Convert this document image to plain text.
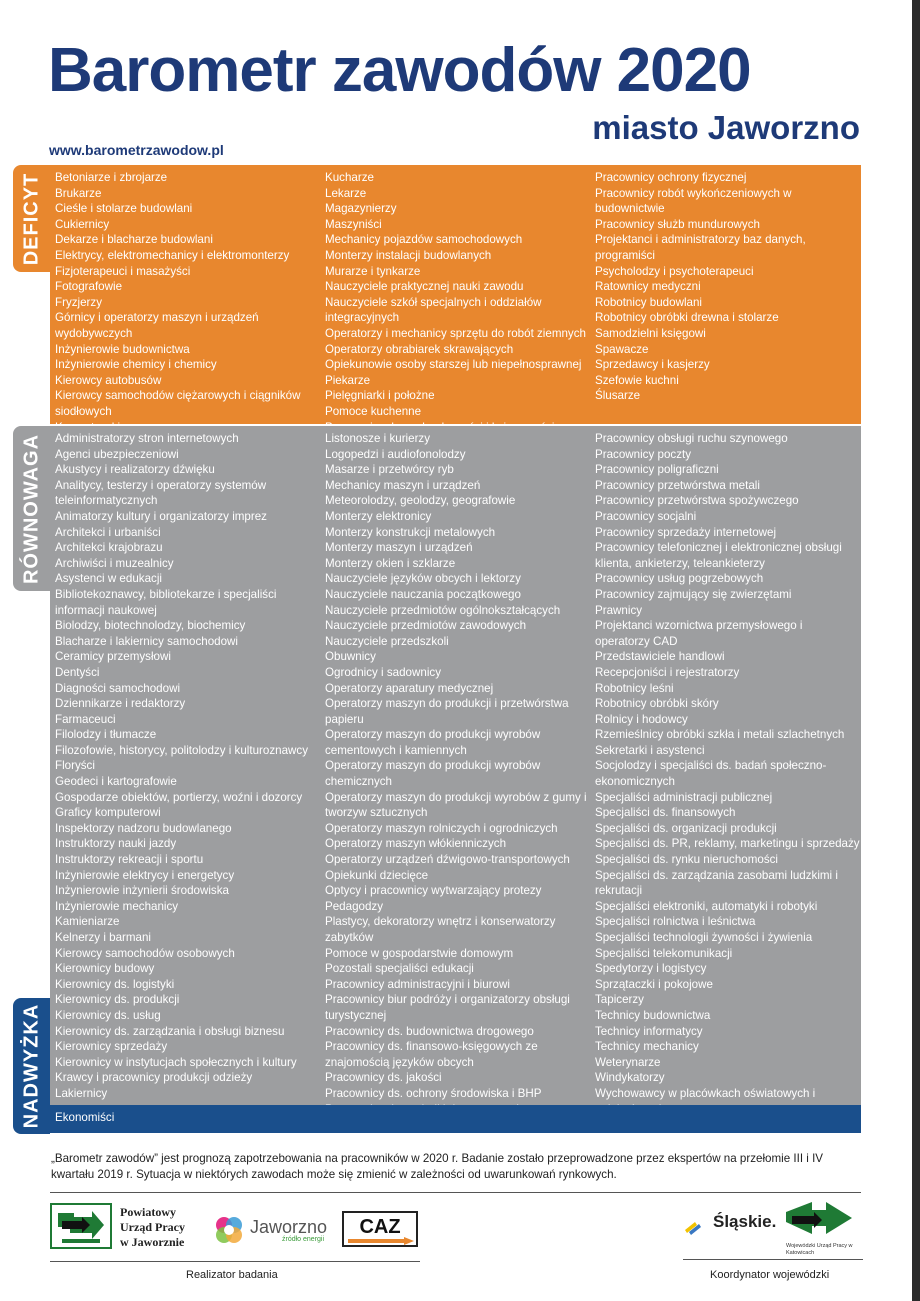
Barometr zawodów 2020
miasto Jaworzno
www.barometrzawodow.pl
DEFICYT
RÓWNOWAGA
NADWYŻKA
Betoniarze i zbrojarze
Brukarze
Cieśle i stolarze budowlani
Cukiernicy
Dekarze i blacharze budowlani
Elektrycy, elektromechanicy i elektromonterzy
Fizjoterapeuci i masażyści
Fotografowie
Fryzjerzy
Górnicy i operatorzy maszyn i urządzeń wydobywczych
Inżynierowie budownictwa
Inżynierowie chemicy i chemicy
Kierowcy autobusów
Kierowcy samochodów ciężarowych i ciągników siodłowych
Kucharze
Lekarze
Magazynierzy
Maszyniści
Mechanicy pojazdów samochodowych
Monterzy instalacji budowlanych
Murarze i tynkarze
Nauczyciele praktycznej nauki zawodu
Nauczyciele szkół specjalnych i oddziałów integracyjnych
Operatorzy i mechanicy sprzętu do robót ziemnych
Operatorzy obrabiarek skrawających
Opiekunowie osoby starszej lub niepełnosprawnej
Piekarze
Pielęgniarki i położne
Pomoce kuchenne
Pracownicy ochrony fizycznej
Pracownicy robót wykończeniowych w budownictwie
Pracownicy służb mundurowych
Projektanci i administratorzy baz danych, programiści
Psycholodzy i psychoterapeuci
Ratownicy medyczni
Robotnicy budowlani
Robotnicy obróbki drewna i stolarze
Samodzielni księgowi
Spawacze
Sprzedawcy i kasjerzy
Szefowie kuchni
Ślusarze
Administratorzy stron internetowych
Agenci ubezpieczeniowi
Akustycy i realizatorzy dźwięku
Analitycy, testerzy i operatorzy systemów teleinformatycznych
Animatorzy kultury i organizatorzy imprez
Architekci i urbaniści
Architekci krajobrazu
Archiwiści i muzealnicy
Asystenci w edukacji
Bibliotekoznawcy, bibliotekarze i specjaliści informacji naukowej
Biolodzy, biotechnolodzy, biochemicy
Blacharze i lakiernicy samochodowi
Ceramicy przemysłowi
Dentyści
Diagności samochodowi
Dziennikarze i redaktorzy
Farmaceuci
Filolodzy i tłumacze
Filozofowie, historycy, politolodzy i kulturoznawcy
Floryści
Geodeci i kartografowie
Gospodarze obiektów, portierzy, woźni i dozorcy
Graficy komputerowi
Inspektorzy nadzoru budowlanego
Instruktorzy nauki jazdy
Instruktorzy rekreacji i sportu
Inżynierowie elektrycy i energetycy
Inżynierowie inżynierii środowiska
Inżynierowie mechanicy
Kamieniarze
Kelnerzy i barmani
Kierowcy samochodów osobowych
Kierownicy budowy
Kierownicy ds. logistyki
Kierownicy ds. produkcji
Kierownicy ds. usług
Kierownicy ds. zarządzania i obsługi biznesu
Kierownicy sprzedaży
Kierownicy w instytucjach społecznych i kultury
Krawcy i pracownicy produkcji odzieży
Lakiernicy
Listonosze i kurierzy
Logopedzi i audiofonolodzy
Masarze i przetwórcy ryb
Mechanicy maszyn i urządzeń
Meteorolodzy, geolodzy, geografowie
Monterzy elektronicy
Monterzy konstrukcji metalowych
Monterzy maszyn i urządzeń
Monterzy okien i szklarze
Nauczyciele języków obcych i lektorzy
Nauczyciele nauczania początkowego
Nauczyciele przedmiotów ogólnokształcących
Nauczyciele przedmiotów zawodowych
Nauczyciele przedszkoli
Obuwnicy
Ogrodnicy i sadownicy
Operatorzy aparatury medycznej
Operatorzy maszyn do produkcji i przetwórstwa papieru
Operatorzy maszyn do produkcji wyrobów cementowych i kamiennych
Operatorzy maszyn do produkcji wyrobów chemicznych
Operatorzy maszyn do produkcji wyrobów z gumy i tworzyw sztucznych
Operatorzy maszyn rolniczych i ogrodniczych
Operatorzy maszyn włókienniczych
Operatorzy urządzeń dźwigowo-transportowych
Opiekunki dziecięce
Optycy i pracownicy wytwarzający protezy
Pedagodzy
Plastycy, dekoratorzy wnętrz i konserwatorzy zabytków
Pomoce w gospodarstwie domowym
Pozostali specjaliści edukacji
Pracownicy administracyjni i biurowi
Pracownicy biur podróży i organizatorzy obsługi turystycznej
Pracownicy ds. budownictwa drogowego
Pracownicy ds. finansowo-księgowych ze znajomością języków obcych
Pracownicy ds. jakości
Pracownicy ds. ochrony środowiska i BHP
Pracownicy myjni, pralni i prasowalni
Pracownicy obsługi ruchu szynowego
Pracownicy poczty
Pracownicy poligraficzni
Pracownicy przetwórstwa metali
Pracownicy przetwórstwa spożywczego
Pracownicy socjalni
Pracownicy sprzedaży internetowej
Pracownicy telefonicznej i elektronicznej obsługi klienta, ankieterzy, teleankieterzy
Pracownicy usług pogrzebowych
Pracownicy zajmujący się zwierzętami
Prawnicy
Projektanci wzornictwa przemysłowego i operatorzy CAD
Przedstawiciele handlowi
Recepcjoniści i rejestratorzy
Robotnicy leśni
Robotnicy obróbki skóry
Rolnicy i hodowcy
Rzemieślnicy obróbki szkła i metali szlachetnych
Sekretarki i asystenci
Socjolodzy i specjaliści ds. badań społeczno-ekonomicznych
Specjaliści administracji publicznej
Specjaliści ds. finansowych
Specjaliści ds. organizacji produkcji
Specjaliści ds. PR, reklamy, marketingu i sprzedaży
Specjaliści ds. rynku nieruchomości
Specjaliści ds. zarządzania zasobami ludzkimi i rekrutacji
Specjaliści elektroniki, automatyki i robotyki
Specjaliści rolnictwa i leśnictwa
Specjaliści technologii żywności i żywienia
Specjaliści telekomunikacji
Spedytorzy i logistycy
Sprzątaczki i pokojowe
Tapicerzy
Technicy budownictwa
Technicy informatycy
Technicy mechanicy
Weterynarze
Windykatorzy
Wychowawcy w placówkach oświatowych i
Ekonomiści
„Barometr zawodów” jest prognozą zapotrzebowania na pracowników w 2020 r. Badanie zostało przeprowadzone przez ekspertów na przełomie III i IV kwartału 2019 r. Sytuacja w niektórych zawodach może się zmienić w zależności od uwarunkowań rynkowych.
Powiatowy
Urząd Pracy
w Jaworznie
Jaworzno
źródło energii
CAZ
Realizator badania
Śląskie.
Wojewódzki Urząd Pracy w Katowicach
Koordynator wojewódzki
